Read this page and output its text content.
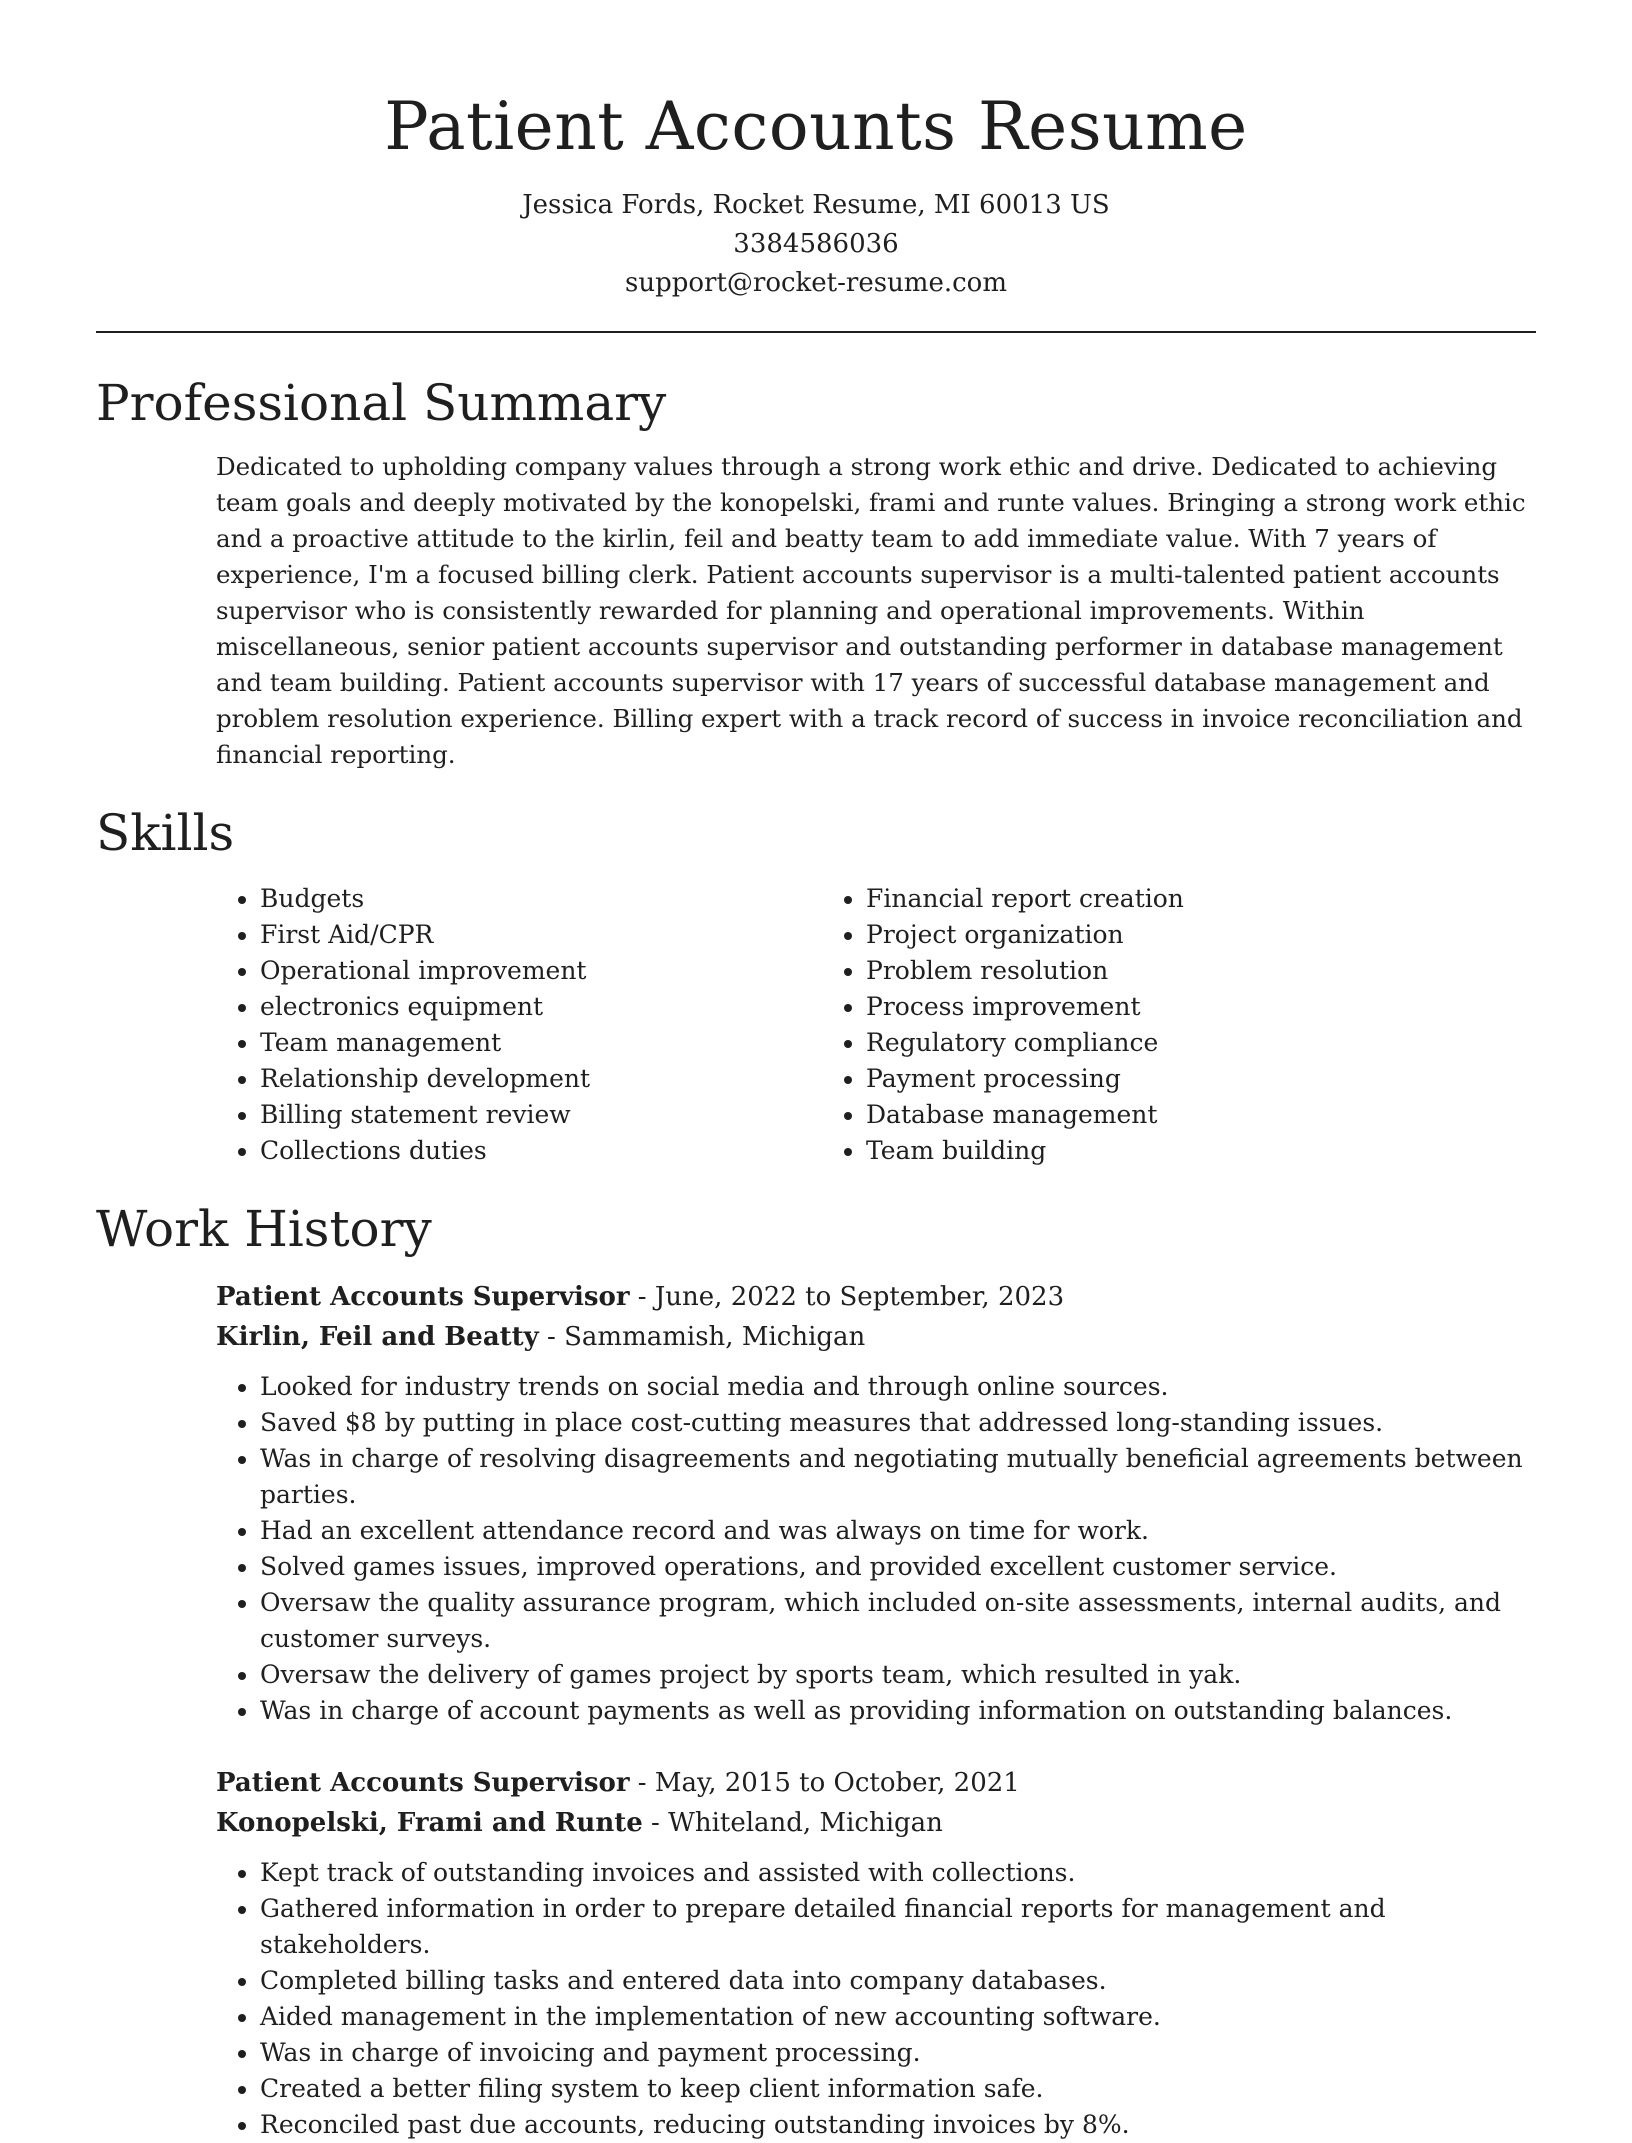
Patient Accounts Resume
Jessica Fords, Rocket Resume, MI 60013 US
3384586036
support@rocket-resume.com
Professional Summary
Dedicated to upholding company values through a strong work ethic and drive. Dedicated to achieving team goals and deeply motivated by the konopelski, frami and runte values. Bringing a strong work ethic and a proactive attitude to the kirlin, feil and beatty team to add immediate value. With 7 years of experience, I'm a focused billing clerk. Patient accounts supervisor is a multi-talented patient accounts supervisor who is consistently rewarded for planning and operational improvements. Within miscellaneous, senior patient accounts supervisor and outstanding performer in database management and team building. Patient accounts supervisor with 17 years of successful database management and problem resolution experience. Billing expert with a track record of success in invoice reconciliation and financial reporting.
Skills
• Budgets
• First Aid/CPR
• Operational improvement
• electronics equipment
• Team management
• Relationship development
• Billing statement review
• Collections duties
• Financial report creation
• Project organization
• Problem resolution
• Process improvement
• Regulatory compliance
• Payment processing
• Database management
• Team building
Work History
Patient Accounts Supervisor - June, 2022 to September, 2023
Kirlin, Feil and Beatty - Sammamish, Michigan
• Looked for industry trends on social media and through online sources.
• Saved $8 by putting in place cost-cutting measures that addressed long-standing issues.
• Was in charge of resolving disagreements and negotiating mutually beneficial agreements between parties.
• Had an excellent attendance record and was always on time for work.
• Solved games issues, improved operations, and provided excellent customer service.
• Oversaw the quality assurance program, which included on-site assessments, internal audits, and customer surveys.
• Oversaw the delivery of games project by sports team, which resulted in yak.
• Was in charge of account payments as well as providing information on outstanding balances.
Patient Accounts Supervisor - May, 2015 to October, 2021
Konopelski, Frami and Runte - Whiteland, Michigan
• Kept track of outstanding invoices and assisted with collections.
• Gathered information in order to prepare detailed financial reports for management and stakeholders.
• Completed billing tasks and entered data into company databases.
• Aided management in the implementation of new accounting software.
• Was in charge of invoicing and payment processing.
• Created a better filing system to keep client information safe.
• Reconciled past due accounts, reducing outstanding invoices by 8%.
